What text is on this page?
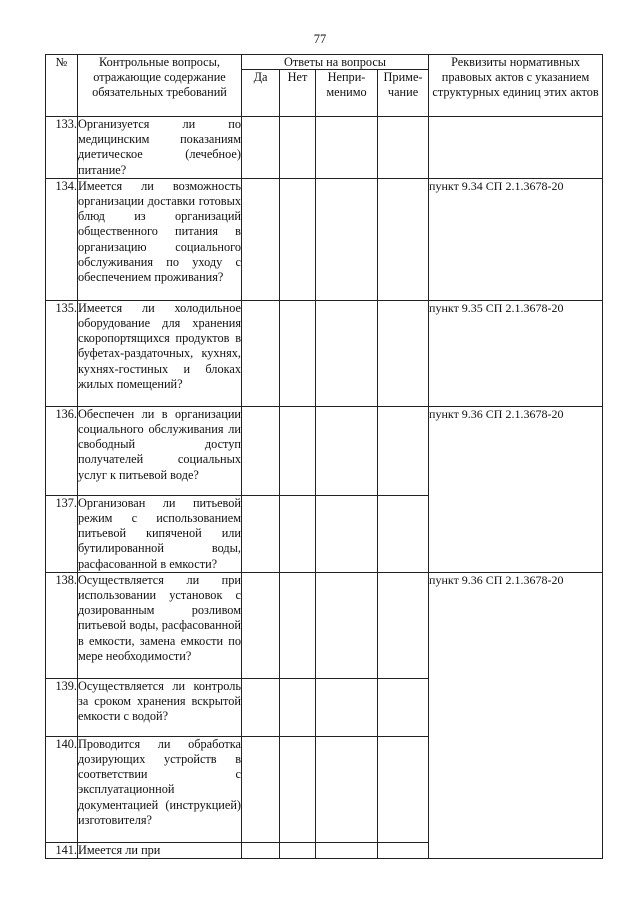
77
№	Контрольные вопросы, отражающие содержание обязательных требований	Ответы на вопросы				Реквизиты нормативных правовых актов с указанием структурных единиц этих актов
		Да	Нет	Непри-менимо	Приме-чание	
133.	Организуется ли по медицинским показаниям диетическое (лечебное) питание?					
134.	Имеется ли возможность организации доставки готовых блюд из организаций общественного питания в организацию социального обслуживания по уходу с обеспечением проживания?					пункт 9.34 СП 2.1.3678-20
135.	Имеется ли холодильное оборудование для хранения скоропортящихся продуктов в буфетах-раздаточных, кухнях, кухнях-гостиных и блоках жилых помещений?					пункт 9.35 СП 2.1.3678-20
136.	Обеспечен ли в организации социального обслуживания ли свободный доступ получателей социальных услуг к питьевой воде?					пункт 9.36 СП 2.1.3678-20
137.	Организован ли питьевой режим с использованием питьевой кипяченой или бутилированной воды, расфасованной в емкости?					
138.	Осуществляется ли при использовании установок с дозированным розливом питьевой воды, расфасованной в емкости, замена емкости по мере необходимости?					пункт 9.36 СП 2.1.3678-20
139.	Осуществляется ли контроль за сроком хранения вскрытой емкости с водой?					
140.	Проводится ли обработка дозирующих устройств в соответствии с эксплуатационной документацией (инструкцией) изготовителя?					
141.	Имеется ли при					
